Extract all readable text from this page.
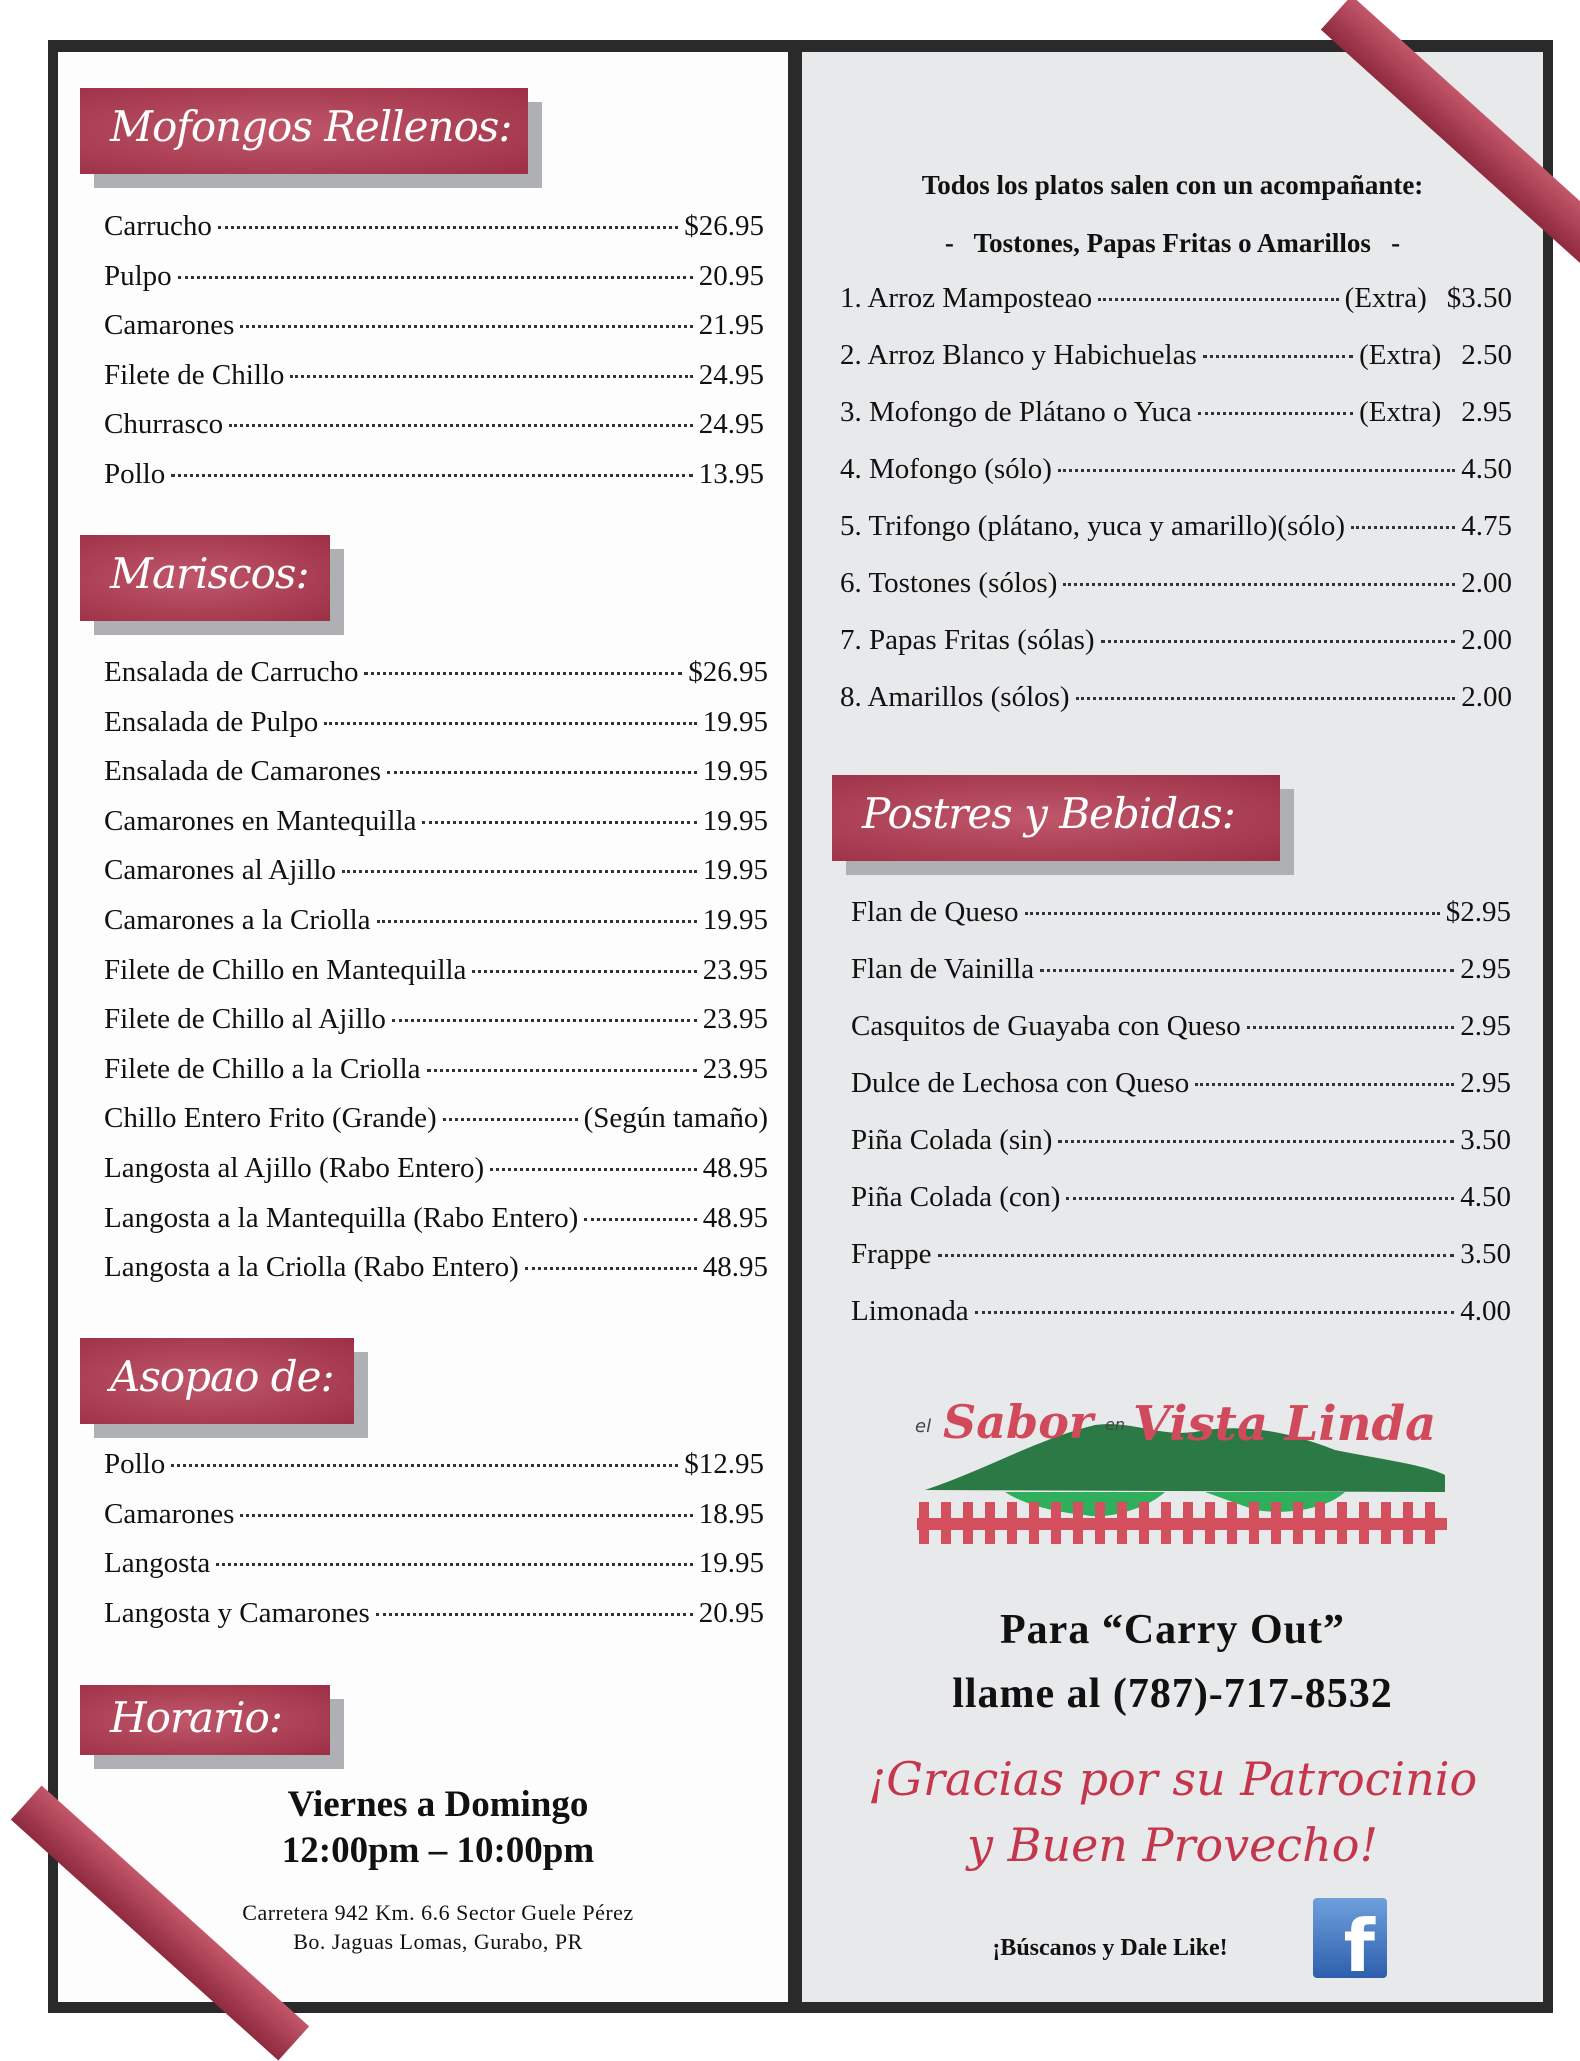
Mofongos Rellenos:
Carrucho	$26.95
Pulpo	20.95
Camarones	21.95
Filete de Chillo	24.95
Churrasco	24.95
Pollo	13.95
Mariscos:
Ensalada de Carrucho	$26.95
Ensalada de Pulpo	19.95
Ensalada de Camarones	19.95
Camarones en Mantequilla	19.95
Camarones al Ajillo	19.95
Camarones a la Criolla	19.95
Filete de Chillo en Mantequilla	23.95
Filete de Chillo al Ajillo	23.95
Filete de Chillo a la Criolla	23.95
Chillo Entero Frito (Grande)	(Según tamaño)
Langosta al Ajillo (Rabo Entero)	48.95
Langosta a la Mantequilla (Rabo Entero)	48.95
Langosta a la Criolla (Rabo Entero)	48.95
Asopao de:
Pollo	$12.95
Camarones	18.95
Langosta	19.95
Langosta y Camarones	20.95
Horario:
Viernes a Domingo
12:00pm – 10:00pm
Carretera 942 Km. 6.6 Sector Guele Pérez
Bo. Jaguas Lomas, Gurabo, PR
Todos los platos salen con un acompañante:
-   Tostones, Papas Fritas o Amarillos   -
1. Arroz Mamposteao	(Extra) $3.50
2. Arroz Blanco y Habichuelas	(Extra) 2.50
3. Mofongo de Plátano o Yuca	(Extra) 2.95
4. Mofongo (sólo)	4.50
5. Trifongo (plátano, yuca y amarillo)(sólo)	4.75
6. Tostones (sólos)	2.00
7. Papas Fritas (sólas)	2.00
8. Amarillos (sólos)	2.00
Postres y Bebidas:
Flan de Queso	$2.95
Flan de Vainilla	2.95
Casquitos de Guayaba con Queso	2.95
Dulce de Lechosa con Queso	2.95
Piña Colada (sin)	3.50
Piña Colada (con)	4.50
Frappe	3.50
Limonada	4.00
el Sabor en Vista Linda
Para “Carry Out”
llame al (787)-717-8532
¡Gracias por su Patrocinio
y Buen Provecho!
¡Búscanos y Dale Like!	f
